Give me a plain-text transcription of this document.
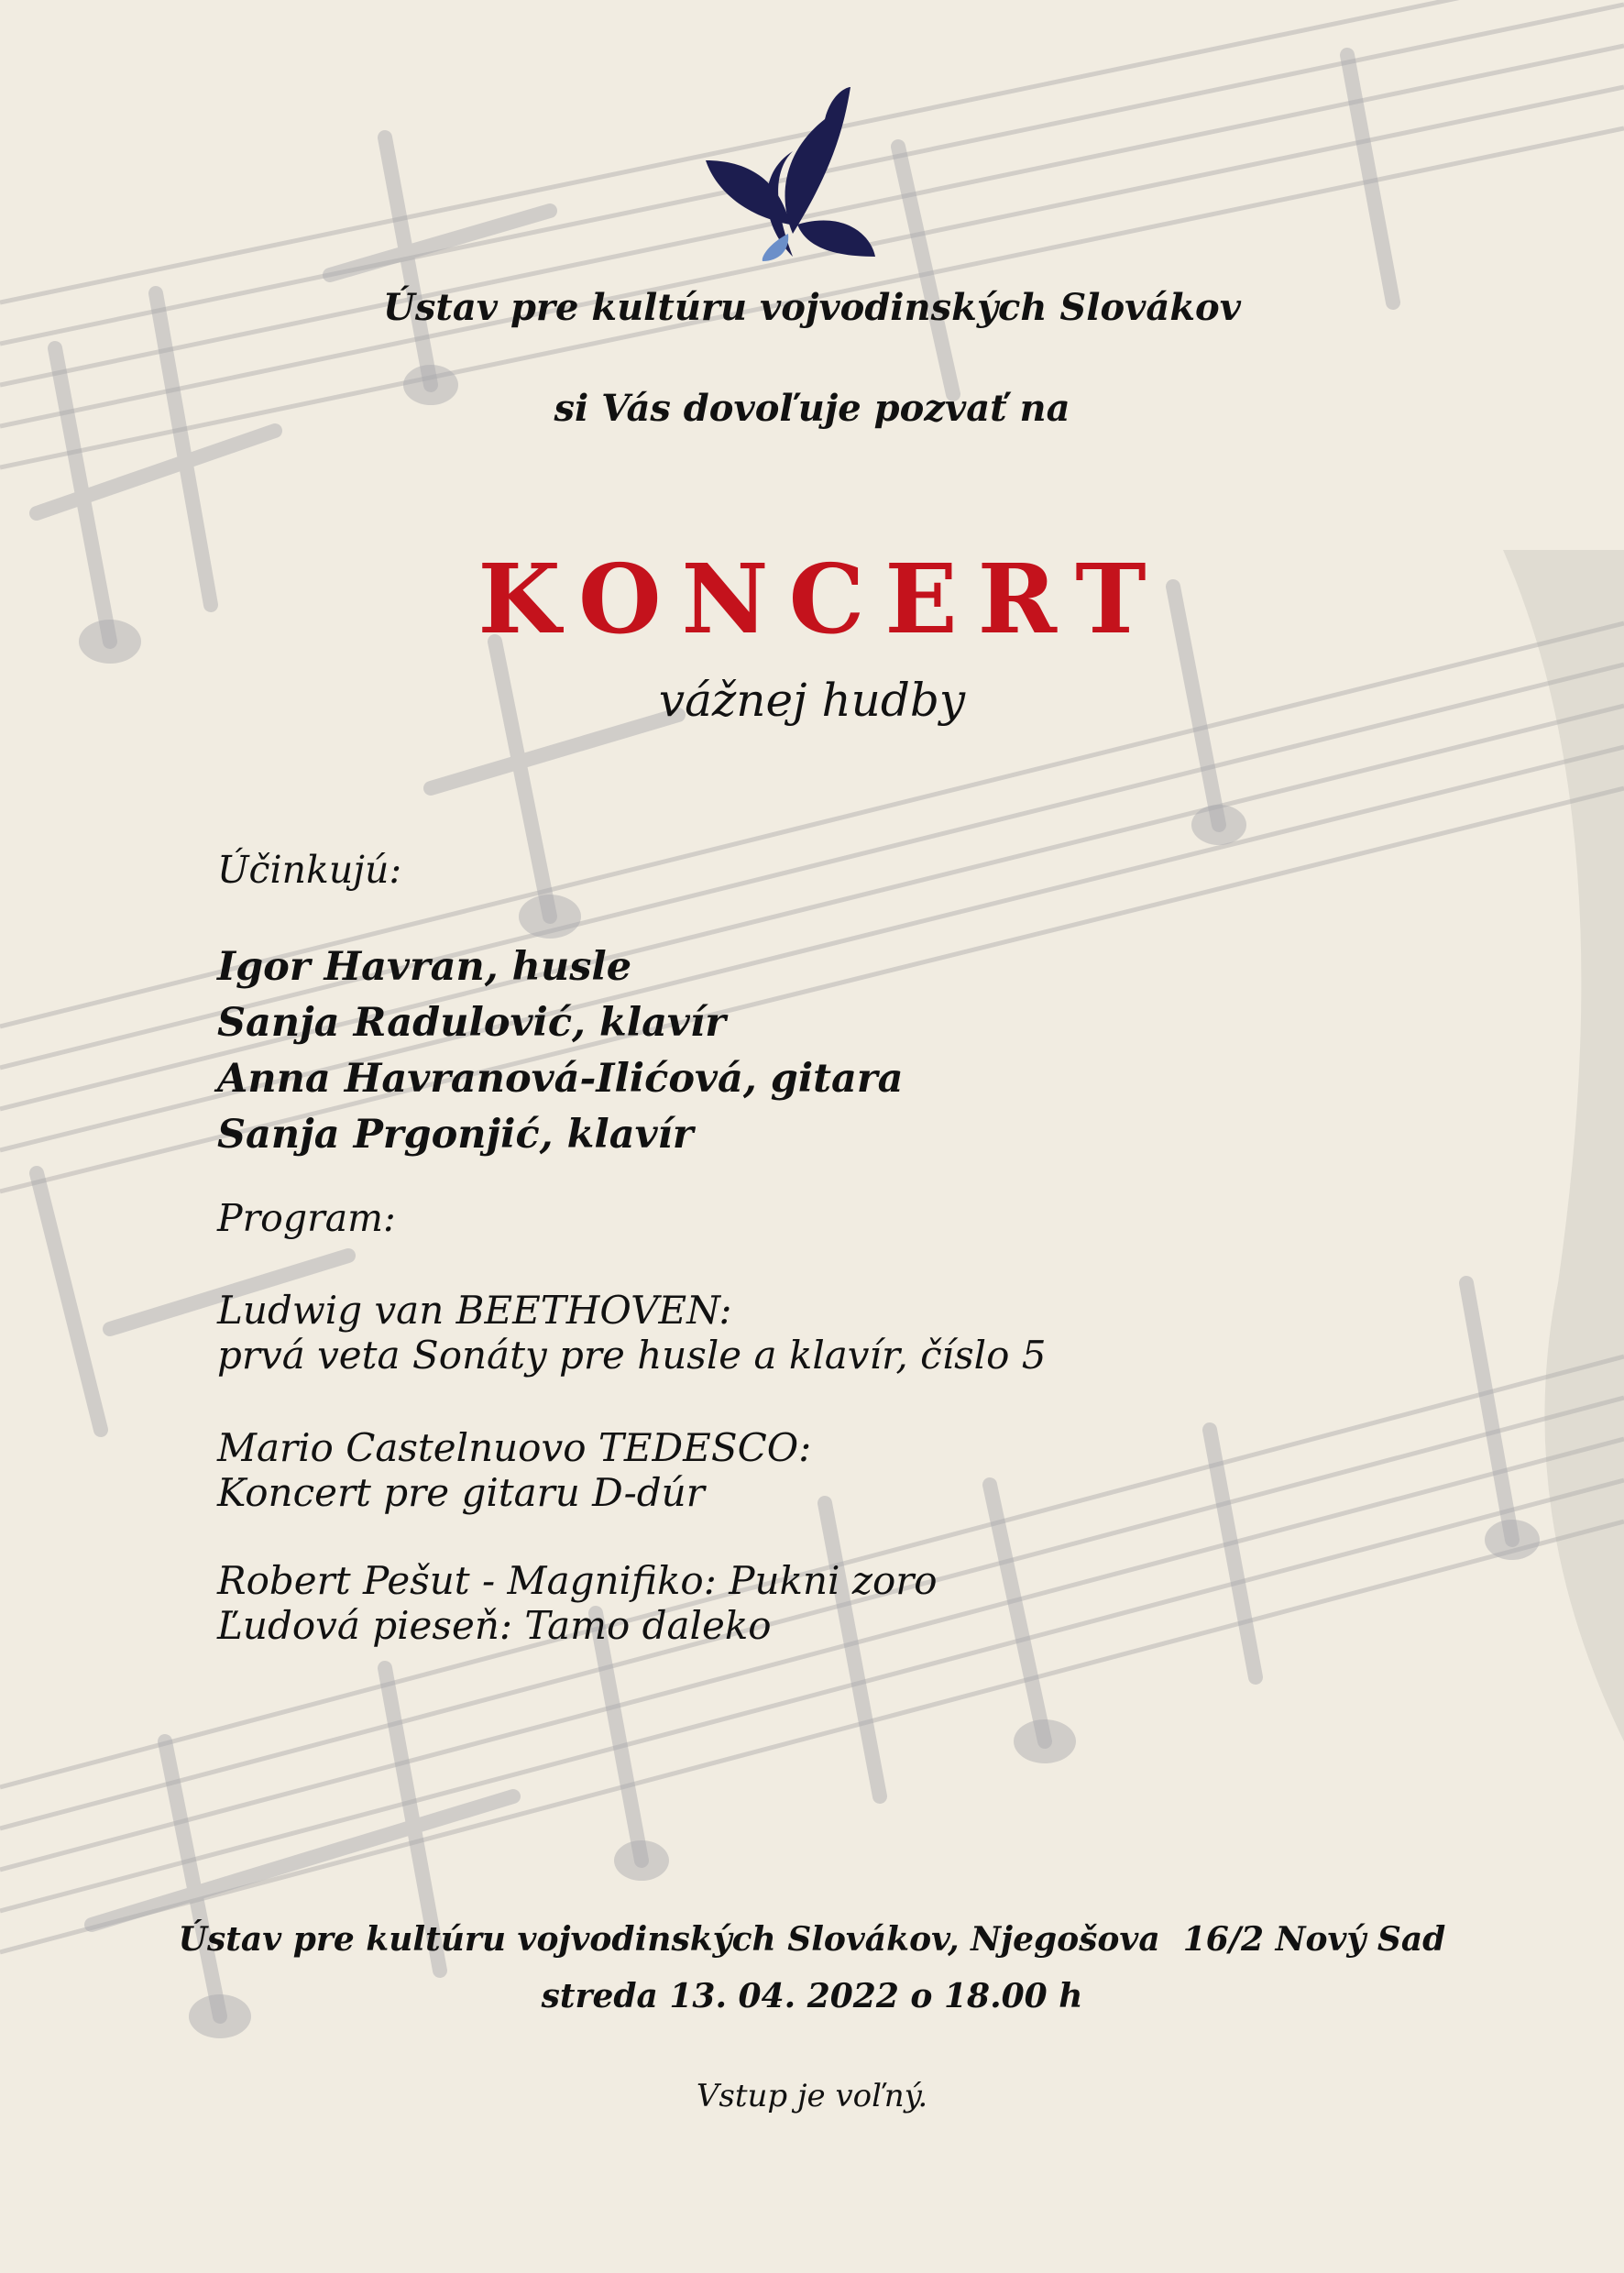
Ústav pre kultúru vojvodinských Slovákov
si Vás dovoľuje pozvať na
KONCERT
vážnej hudby
Účinkujú:
Igor Havran, husle
Sanja Radulović, klavír
Anna Havranová-Ilićová, gitara
Sanja Prgonjić, klavír
Program:
Ludwig van BEETHOVEN:
prvá veta Sonáty pre husle a klavír, číslo 5
Mario Castelnuovo TEDESCO:
Koncert pre gitaru D-dúr
Robert Pešut - Magnifiko: Pukni zoro
Ľudová pieseň: Tamo daleko
Ústav pre kultúru vojvodinských Slovákov, Njegošova  16/2 Nový Sad
streda 13. 04. 2022 o 18.00 h
Vstup je voľný.
